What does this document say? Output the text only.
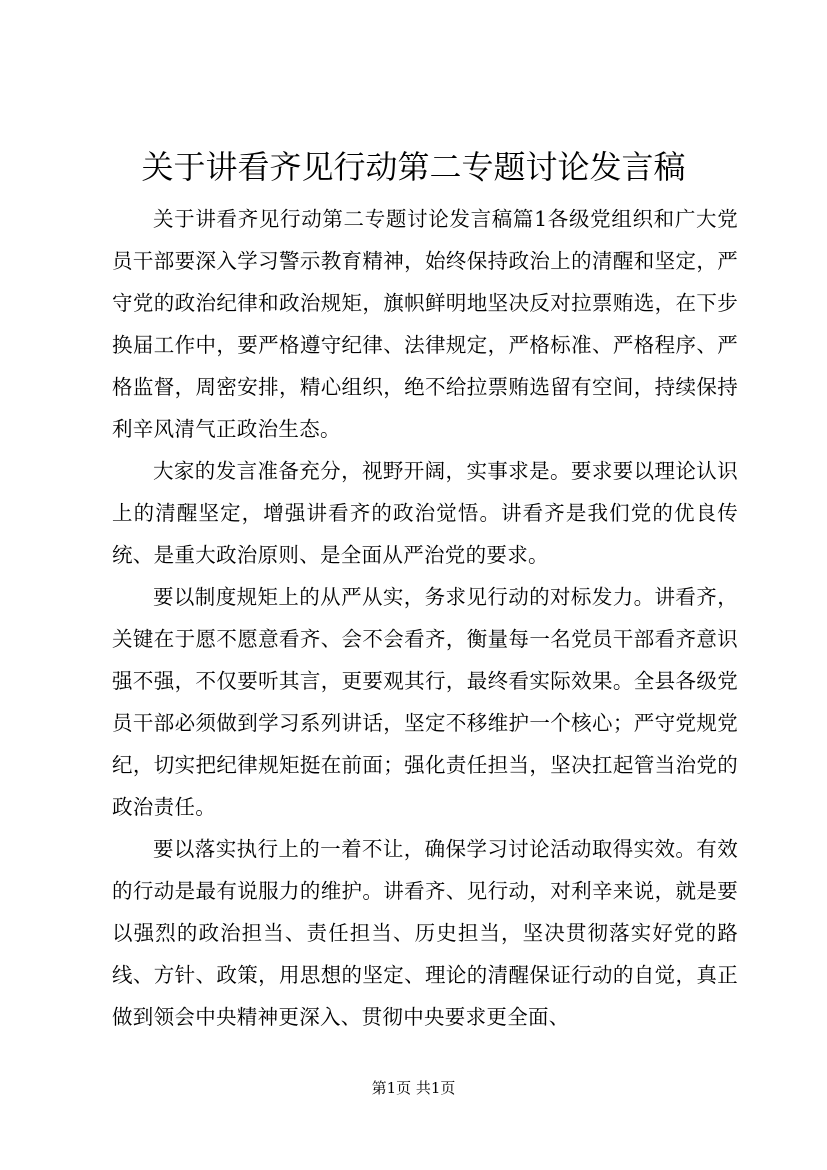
关于讲看齐见行动第二专题讨论发言稿

关于讲看齐见行动第二专题讨论发言稿篇1各级党组织和广大党员干部要深入学习警示教育精神，始终保持政治上的清醒和坚定，严守党的政治纪律和政治规矩，旗帜鲜明地坚决反对拉票贿选，在下步换届工作中，要严格遵守纪律、法律规定，严格标准、严格程序、严格监督，周密安排，精心组织，绝不给拉票贿选留有空间，持续保持利辛风清气正政治生态。

大家的发言准备充分，视野开阔，实事求是。要求要以理论认识上的清醒坚定，增强讲看齐的政治觉悟。讲看齐是我们党的优良传统、是重大政治原则、是全面从严治党的要求。

要以制度规矩上的从严从实，务求见行动的对标发力。讲看齐，关键在于愿不愿意看齐、会不会看齐，衡量每一名党员干部看齐意识强不强，不仅要听其言，更要观其行，最终看实际效果。全县各级党员干部必须做到学习系列讲话，坚定不移维护一个核心；严守党规党纪，切实把纪律规矩挺在前面；强化责任担当，坚决扛起管当治党的政治责任。

要以落实执行上的一着不让，确保学习讨论活动取得实效。有效的行动是最有说服力的维护。讲看齐、见行动，对利辛来说，就是要以强烈的政治担当、责任担当、历史担当，坚决贯彻落实好党的路线、方针、政策，用思想的坚定、理论的清醒保证行动的自觉，真正做到领会中央精神更深入、贯彻中央要求更全面、

第1页 共1页
